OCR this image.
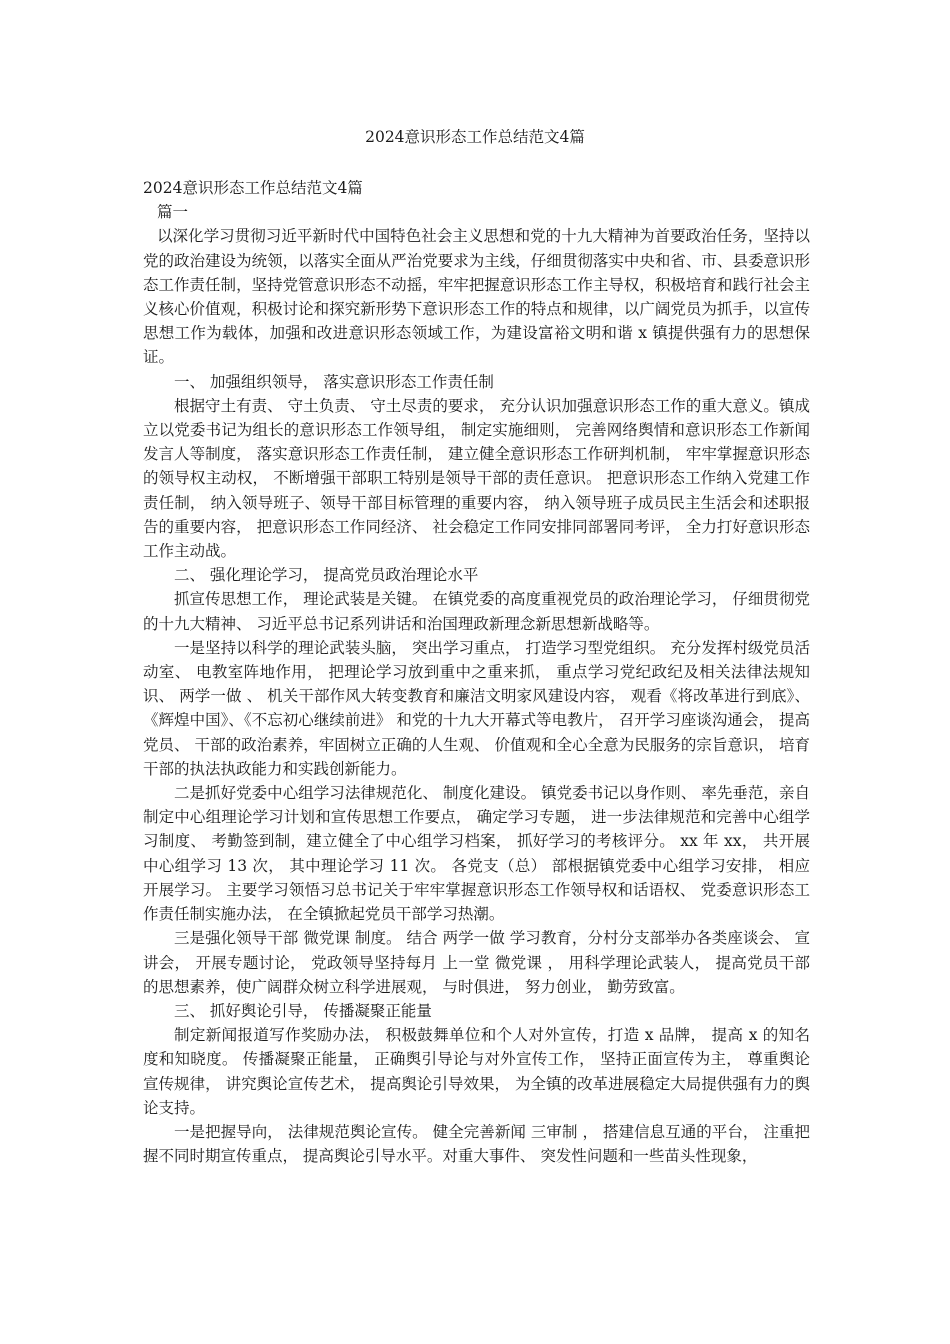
2024意识形态工作总结范文4篇

2024意识形态工作总结范文4篇

篇一

以深化学习贯彻习近平新时代中国特色社会主义思想和党的十九大精神为首要政治任务，坚持以党的政治建设为统领，以落实全面从严治党要求为主线，仔细贯彻落实中央和省、市、县委意识形态工作责任制，坚持党管意识形态不动摇，牢牢把握意识形态工作主导权，积极培育和践行社会主义核心价值观，积极讨论和探究新形势下意识形态工作的特点和规律，以广阔党员为抓手，以宣传思想工作为载体，加强和改进意识形态领域工作，为建设富裕文明和谐 x 镇提供强有力的思想保证。

一、 加强组织领导， 落实意识形态工作责任制

根据守土有责、 守土负责、 守土尽责的要求， 充分认识加强意识形态工作的重大意义。镇成立以党委书记为组长的意识形态工作领导组， 制定实施细则， 完善网络舆情和意识形态工作新闻发言人等制度， 落实意识形态工作责任制， 建立健全意识形态工作研判机制， 牢牢掌握意识形态的领导权主动权， 不断增强干部职工特别是领导干部的责任意识。 把意识形态工作纳入党建工作责任制， 纳入领导班子、领导干部目标管理的重要内容， 纳入领导班子成员民主生活会和述职报告的重要内容， 把意识形态工作同经济、 社会稳定工作同安排同部署同考评， 全力打好意识形态工作主动战。

二、 强化理论学习， 提高党员政治理论水平

抓宣传思想工作， 理论武装是关键。 在镇党委的高度重视党员的政治理论学习， 仔细贯彻党的十九大精神、 习近平总书记系列讲话和治国理政新理念新思想新战略等。

一是坚持以科学的理论武装头脑， 突出学习重点， 打造学习型党组织。 充分发挥村级党员活动室、 电教室阵地作用， 把理论学习放到重中之重来抓， 重点学习党纪政纪及相关法律法规知识、 两学一做 、 机关干部作风大转变教育和廉洁文明家风建设内容， 观看《将改革进行到底》、《辉煌中国》、《不忘初心继续前进》 和党的十九大开幕式等电教片， 召开学习座谈沟通会， 提高党员、 干部的政治素养，牢固树立正确的人生观、 价值观和全心全意为民服务的宗旨意识， 培育干部的执法执政能力和实践创新能力。

二是抓好党委中心组学习法律规范化、 制度化建设。 镇党委书记以身作则、 率先垂范，亲自制定中心组理论学习计划和宣传思想工作要点， 确定学习专题， 进一步法律规范和完善中心组学习制度、 考勤签到制，建立健全了中心组学习档案， 抓好学习的考核评分。 xx 年 xx， 共开展中心组学习 13 次， 其中理论学习 11 次。 各党支（总） 部根据镇党委中心组学习安排， 相应开展学习。 主要学习领悟习总书记关于牢牢掌握意识形态工作领导权和话语权、 党委意识形态工作责任制实施办法， 在全镇掀起党员干部学习热潮。

三是强化领导干部 微党课 制度。 结合 两学一做 学习教育，分村分支部举办各类座谈会、 宣讲会， 开展专题讨论， 党政领导坚持每月 上一堂 微党课 ， 用科学理论武装人， 提高党员干部的思想素养，使广阔群众树立科学进展观， 与时俱进， 努力创业， 勤劳致富。

三、 抓好舆论引导， 传播凝聚正能量

制定新闻报道写作奖励办法， 积极鼓舞单位和个人对外宣传，打造 x 品牌， 提高 x 的知名度和知晓度。 传播凝聚正能量， 正确舆引导论与对外宣传工作， 坚持正面宣传为主， 尊重舆论宣传规律， 讲究舆论宣传艺术， 提高舆论引导效果， 为全镇的改革进展稳定大局提供强有力的舆论支持。

一是把握导向， 法律规范舆论宣传。 健全完善新闻 三审制 ， 搭建信息互通的平台， 注重把握不同时期宣传重点， 提高舆论引导水平。对重大事件、 突发性问题和一些苗头性现象，
